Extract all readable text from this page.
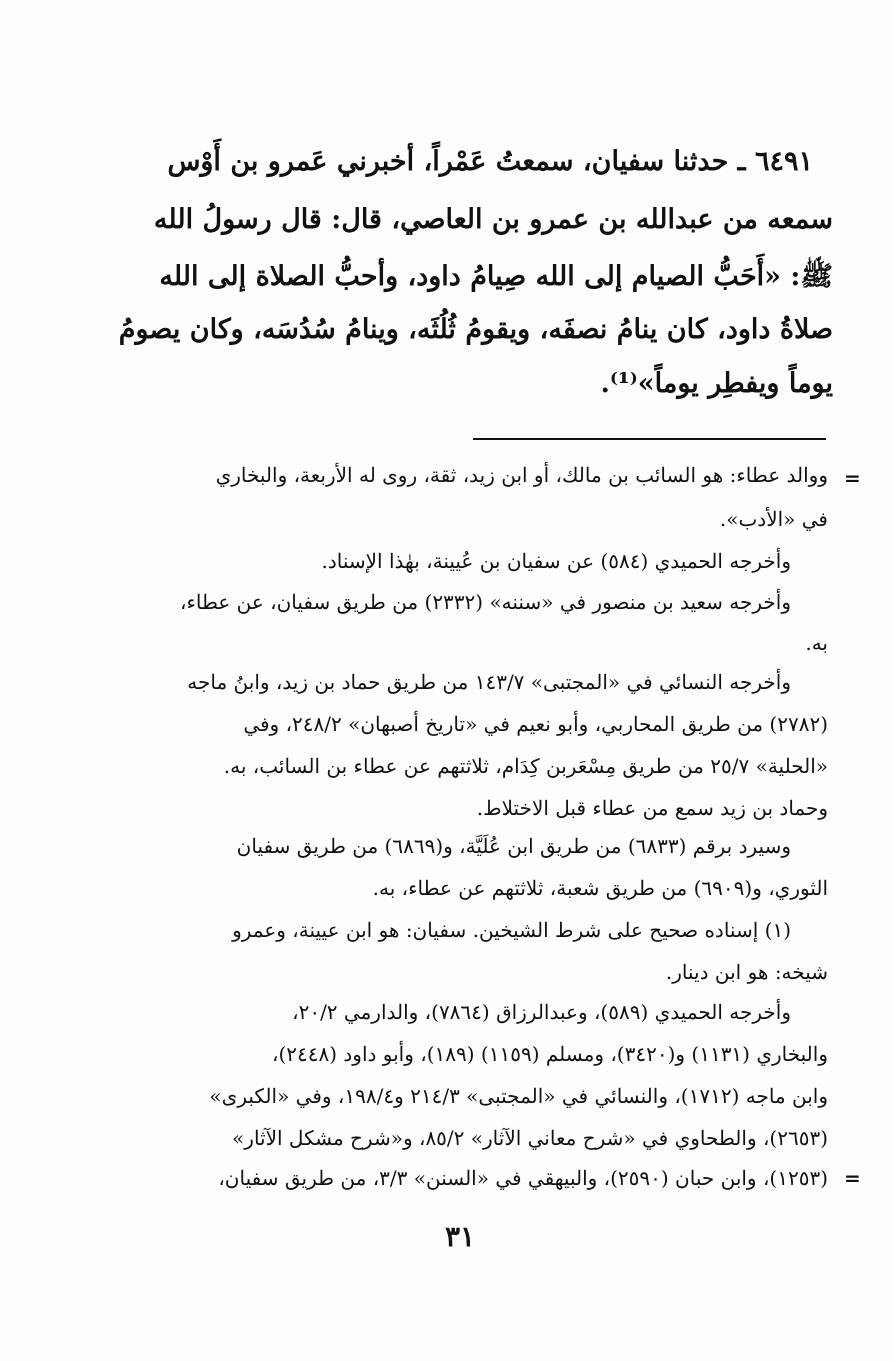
٦٤٩١ ـ حدثنا سفيان، سمعتُ عَمْراً، أخبرني عَمرو بن أَوْس
سمعه من عبدالله بن عمرو بن العاصي، قال: قال رسولُ الله
ﷺ: «أَحَبُّ الصيام إلى الله صِيامُ داود، وأحبُّ الصلاة إلى الله
صلاةُ داود، كان ينامُ نصفَه، ويقومُ ثُلُثَه، وينامُ سُدُسَه، وكان يصومُ
يوماً ويفطِر يوماً»⁽¹⁾.
=
=
ووالد عطاء: هو السائب بن مالك، أو ابن زيد، ثقة، روى له الأربعة، والبخاري
في «الأدب».
وأخرجه الحميدي (٥٨٤) عن سفيان بن عُيينة، بهٰذا الإسناد.
وأخرجه سعيد بن منصور في «سننه» (٢٣٣٢) من طريق سفيان، عن عطاء،
به.
وأخرجه النسائي في «المجتبى» ١٤٣/٧ من طريق حماد بن زيد، وابنُ ماجه
(٢٧٨٢) من طريق المحاربي، وأبو نعيم في «تاريخ أصبهان» ٢٤٨/٢، وفي
«الحلية» ٢٥/٧ من طريق مِسْعَربن كِدَام، ثلاثتهم عن عطاء بن السائب، به.
وحماد بن زيد سمع من عطاء قبل الاختلاط.
وسيرد برقم (٦٨٣٣) من طريق ابن عُلَيَّة، و(٦٨٦٩) من طريق سفيان
الثوري، و(٦٩٠٩) من طريق شعبة، ثلاثتهم عن عطاء، به.
(١) إسناده صحيح على شرط الشيخين. سفيان: هو ابن عيينة، وعمرو
شيخه: هو ابن دينار.
وأخرجه الحميدي (٥٨٩)، وعبدالرزاق (٧٨٦٤)، والدارمي ٢٠/٢،
والبخاري (١١٣١) و(٣٤٢٠)، ومسلم (١١٥٩) (١٨٩)، وأبو داود (٢٤٤٨)،
وابن ماجه (١٧١٢)، والنسائي في «المجتبى» ٢١٤/٣ و١٩٨/٤، وفي «الكبرى»
(٢٦٥٣)، والطحاوي في «شرح معاني الآثار» ٨٥/٢، و«شرح مشكل الآثار»
(١٢٥٣)، وابن حبان (٢٥٩٠)، والبيهقي في «السنن» ٣/٣، من طريق سفيان،
٣١
